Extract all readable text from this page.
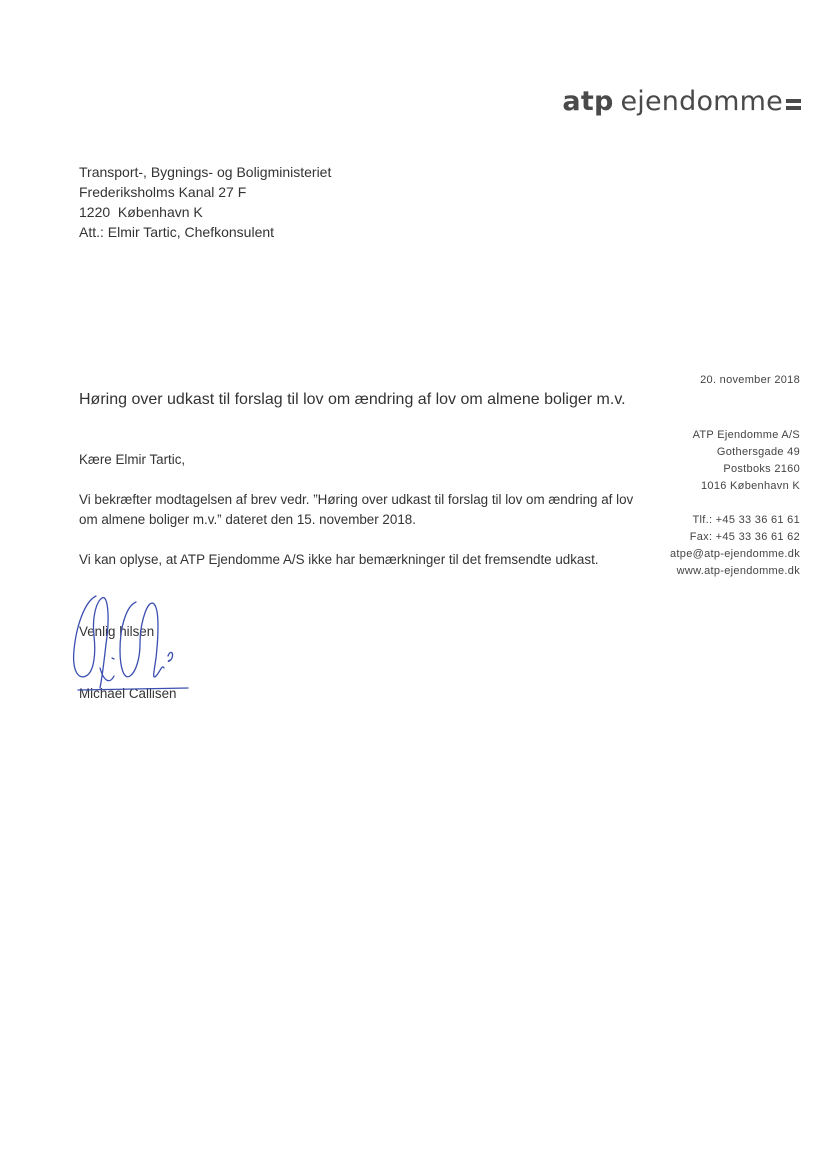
atp ejendomme
Transport-, Bygnings- og Boligministeriet
Frederiksholms Kanal 27 F
1220  København K
Att.: Elmir Tartic, Chefkonsulent
20. november 2018
ATP Ejendomme A/S
Gothersgade 49
Postboks 2160
1016 København K
Tlf.: +45 33 36 61 61
Fax: +45 33 36 61 62
atpe@atp-ejendomme.dk
www.atp-ejendomme.dk
Høring over udkast til forslag til lov om ændring af lov om almene boliger m.v.

Kære Elmir Tartic,

Vi bekræfter modtagelsen af brev vedr. ”Høring over udkast til forslag til lov om ændring af lov om almene boliger m.v.” dateret den 15. november 2018.

Vi kan oplyse, at ATP Ejendomme A/S ikke har bemærkninger til det fremsendte udkast.

Venlig hilsen
Michael Callisen
